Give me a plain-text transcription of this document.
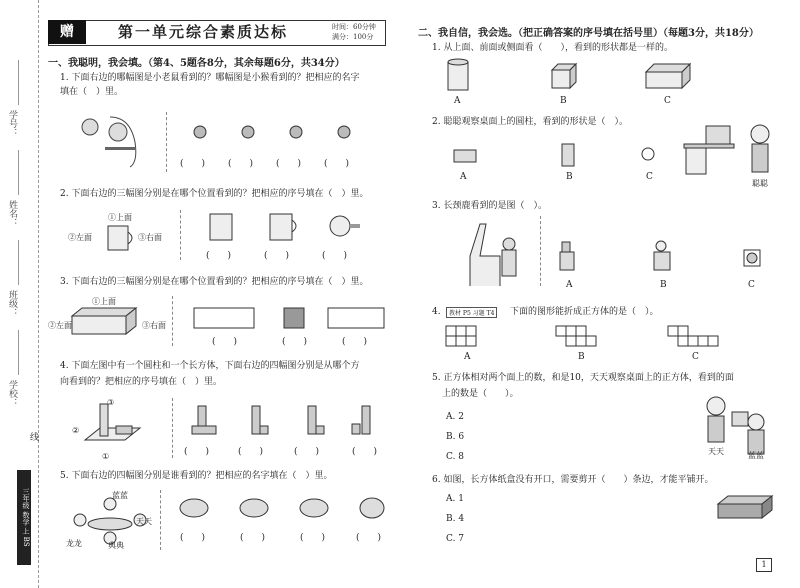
学号：
姓名：
班级：
学校：
线
三年级 数学 上 BS
赠	第一单元综合素质达标	时间：60分钟
满分：100分
一、我聪明，我会填。（第4、5题各8分，其余每题6分，共34分）
1. 下面右边的哪幅图是小老鼠看到的？哪幅图是小猴看到的？把相应的名字
填在（　）里。
(　　)	(　　)	(　　)	(　　)
2. 下面右边的三幅图分别是在哪个位置看到的？把相应的序号填在（　）里。
①上面
②左面	③右面
(　　)	(　　)	(　　)
3. 下面右边的三幅图分别是在哪个位置看到的？把相应的序号填在（　）里。
①上面
②左面	③右面
(　　)	(　　)	(　　)
4. 下面左图中有一个圆柱和一个长方体，下面右边的四幅图分别是从哪个方
向看到的？把相应的序号填在（　）里。
③
②
①	(　　)	(　　)	(　　)	(　　)
5. 下面右边的四幅图分别是谁看到的？把相应的名字填在（　）里。
蓝蓝
天天
龙龙	典典
(　　)	(　　)	(　　)	(　　)
二、我自信，我会选。（把正确答案的序号填在括号里）（每题3分，共18分）
1. 从上面、前面或侧面看（　　），看到的形状都是一样的。
A	B	C
2. 聪聪观察桌面上的圆柱，看到的形状是（　）。
聪聪
A	B	C
3. 长颈鹿看到的是图（　）。
A	B	C
4.	教材 P5 习题 T4	下面的图形能折成正方体的是（　）。
A	B	C
5. 正方体相对两个面上的数，和是10，天天观察桌面上的正方体，看到的面
上的数是（　　）。
A. 2
B. 6
C. 8
天天	蓝蓝
6. 如图，长方体纸盒没有开口，需要剪开（　　）条边，才能平铺开。
A. 1
B. 4
C. 7
1
